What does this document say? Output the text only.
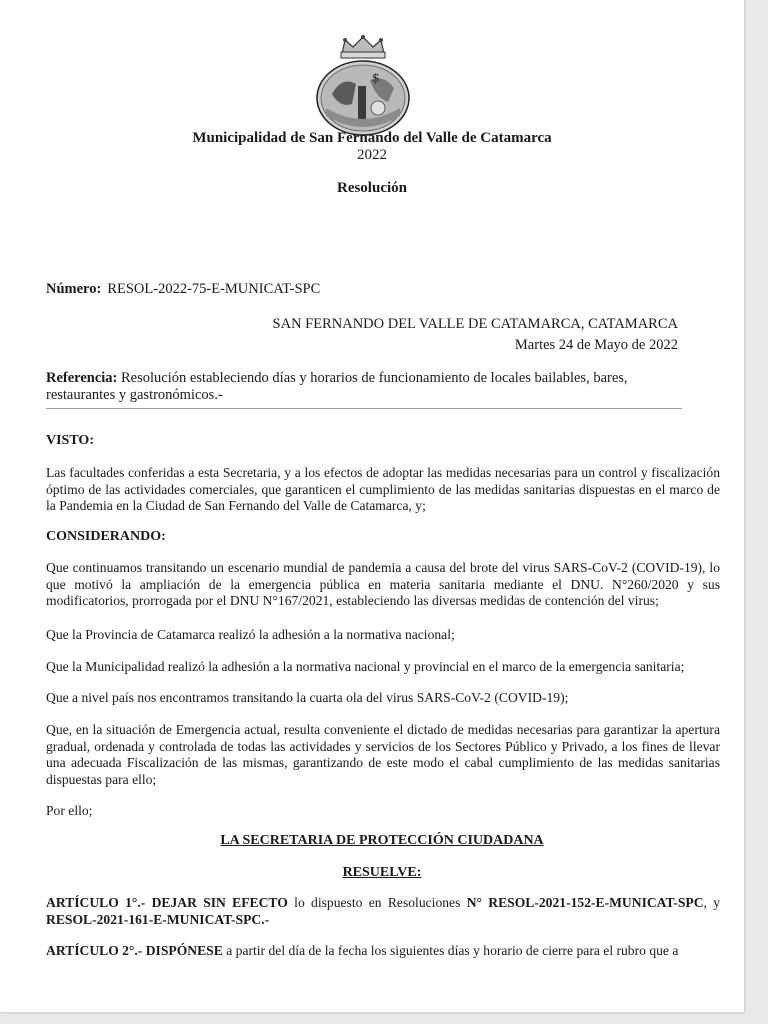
$
Municipalidad de San Fernando del Valle de Catamarca
2022
Resolución
Número: RESOL-2022-75-E-MUNICAT-SPC
SAN FERNANDO DEL VALLE DE CATAMARCA, CATAMARCA
Martes 24 de Mayo de 2022
Referencia: Resolución estableciendo días y horarios de funcionamiento de locales bailables, bares, restaurantes y gastronómicos.-
VISTO:
Las facultades conferidas a esta Secretaria, y a los efectos de adoptar las medidas necesarias para un control y fiscalización óptimo de las actividades comerciales, que garanticen el cumplimiento de las medidas sanitarias dispuestas en el marco de la Pandemia en la Ciudad de San Fernando del Valle de Catamarca, y;
CONSIDERANDO:
Que continuamos transitando un escenario mundial de pandemia a causa del brote del virus SARS-CoV-2 (COVID-19), lo que motivó la ampliación de la emergencia pública en materia sanitaria mediante el DNU. N°260/2020 y sus modificatorios, prorrogada por el DNU N°167/2021, estableciendo las diversas medidas de contención del virus;
Que la Provincia de Catamarca realizó la adhesión a la normativa nacional;
Que la Municipalidad realizó la adhesión a la normativa nacional y provincial en el marco de la emergencia sanitaria;
Que a nivel país nos encontramos transitando la cuarta ola del virus SARS-CoV-2 (COVID-19);
Que, en la situación de Emergencia actual, resulta conveniente el dictado de medidas necesarias para garantizar la apertura gradual, ordenada y controlada de todas las actividades y servicios de los Sectores Público y Privado, a los fines de llevar una adecuada Fiscalización de las mismas, garantizando de este modo el cabal cumplimiento de las medidas sanitarias dispuestas para ello;
Por ello;
LA SECRETARIA DE PROTECCIÓN CIUDADANA
RESUELVE:
ARTÍCULO 1°.- DEJAR SIN EFECTO lo dispuesto en Resoluciones N° RESOL-2021-152-E-MUNICAT-SPC, y RESOL-2021-161-E-MUNICAT-SPC.-
ARTÍCULO 2°.- DISPÓNESE a partir del día de la fecha los siguientes días y horario de cierre para el rubro que a
